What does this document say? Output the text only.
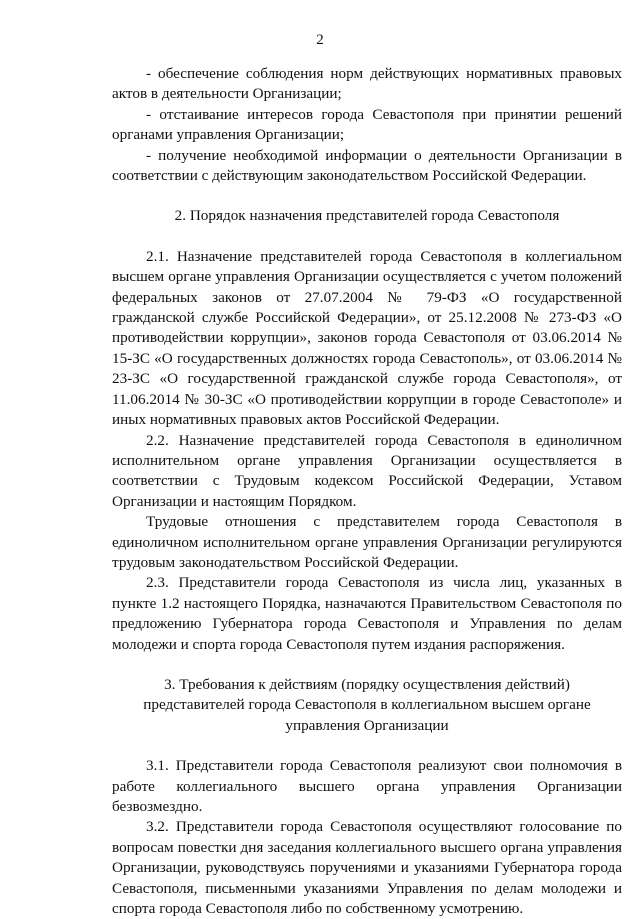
2

- обеспечение соблюдения норм действующих нормативных правовых актов в деятельности Организации;

- отстаивание интересов города Севастополя при принятии решений органами управления Организации;

- получение необходимой информации о деятельности Организации в соответствии с действующим законодательством Российской Федерации.

2. Порядок назначения представителей города Севастополя

2.1. Назначение представителей города Севастополя в коллегиальном высшем органе управления Организации осуществляется с учетом положений федеральных законов от 27.07.2004 № 79-ФЗ «О государственной гражданской службе Российской Федерации», от 25.12.2008 № 273-ФЗ «О противодействии коррупции», законов города Севастополя от 03.06.2014 № 15-ЗС «О государственных должностях города Севастополь», от 03.06.2014 № 23-ЗС «О государственной гражданской службе города Севастополя», от 11.06.2014 № 30-ЗС «О противодействии коррупции в городе Севастополе» и иных нормативных правовых актов Российской Федерации.

2.2. Назначение представителей города Севастополя в единоличном исполнительном органе управления Организации осуществляется в соответствии с Трудовым кодексом Российской Федерации, Уставом Организации и настоящим Порядком.

Трудовые отношения с представителем города Севастополя в единоличном исполнительном органе управления Организации регулируются трудовым законодательством Российской Федерации.

2.3. Представители города Севастополя из числа лиц, указанных в пункте 1.2 настоящего Порядка, назначаются Правительством Севастополя по предложению Губернатора города Севастополя и Управления по делам молодежи и спорта города Севастополя путем издания распоряжения.

3. Требования к действиям (порядку осуществления действий)

представителей города Севастополя в коллегиальном высшем органе

управления Организации

3.1. Представители города Севастополя реализуют свои полномочия в работе коллегиального высшего органа управления Организации безвозмездно.

3.2. Представители города Севастополя осуществляют голосование по вопросам повестки дня заседания коллегиального высшего органа управления Организации, руководствуясь поручениями и указаниями Губернатора города Севастополя, письменными указаниями Управления по делам молодежи и спорта города Севастополя либо по собственному усмотрению.
